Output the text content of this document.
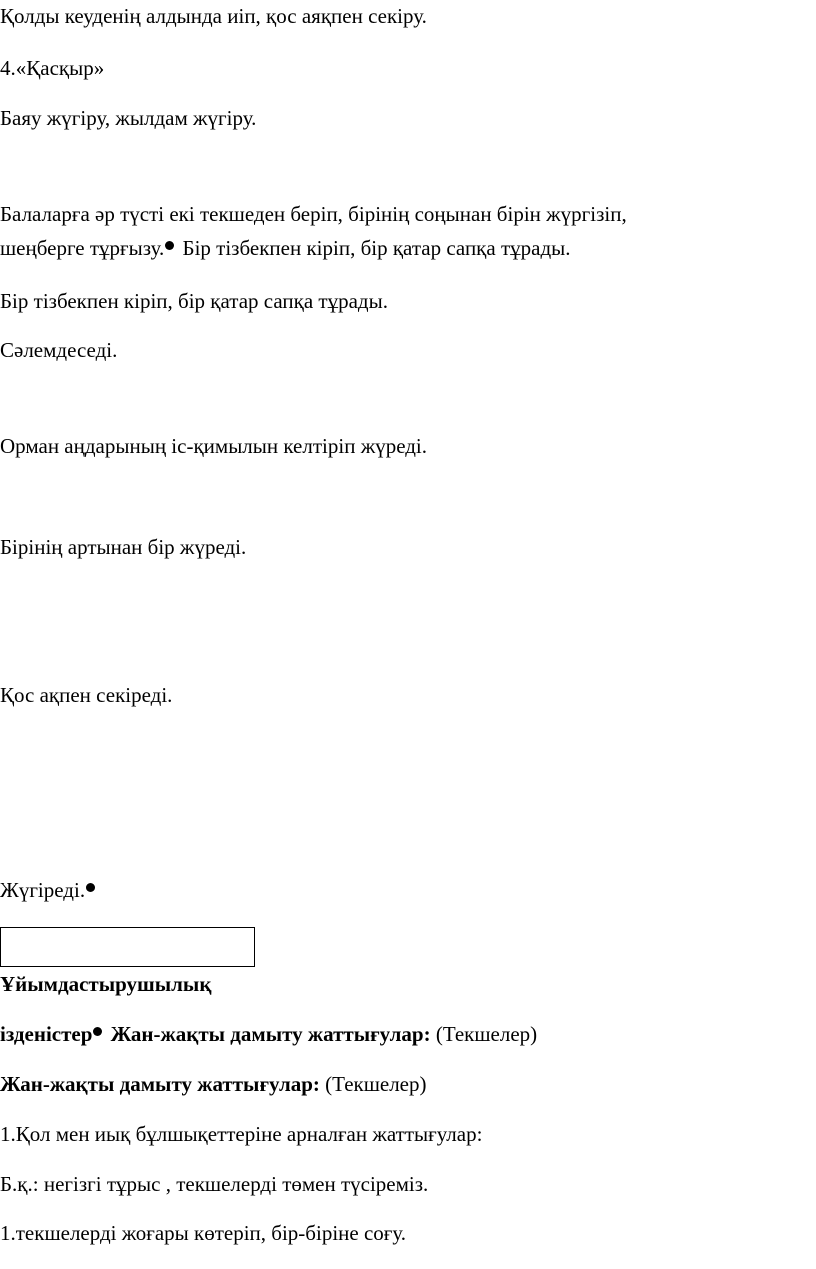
Қолды кеуденің алдында иіп, қос аяқпен секіру.

4.«Қасқыр»

Баяу жүгіру, жылдам жүгіру.

Балаларға әр түсті екі текшеден беріп, бірінің соңынан бірін жүргізіп,

шеңберге тұрғызу. Бір тізбекпен кіріп, бір қатар сапқа тұрады.

Бір тізбекпен кіріп, бір қатар сапқа тұрады.

Сәлемдеседі.

Орман аңдарының іс-қимылын келтіріп жүреді.

Бірінің артынан бір жүреді.

Қос ақпен секіреді.

Жүгіреді.

Ұйымдастырушылық

ізденістер Жан-жақты дамыту жаттығулар: (Текшелер)

Жан-жақты дамыту жаттығулар: (Текшелер)

1.Қол мен иық бұлшықеттеріне арналған жаттығулар:

Б.қ.: негізгі тұрыс , текшелерді төмен түсіреміз.

1.текшелерді жоғары көтеріп, бір-біріне соғу.
